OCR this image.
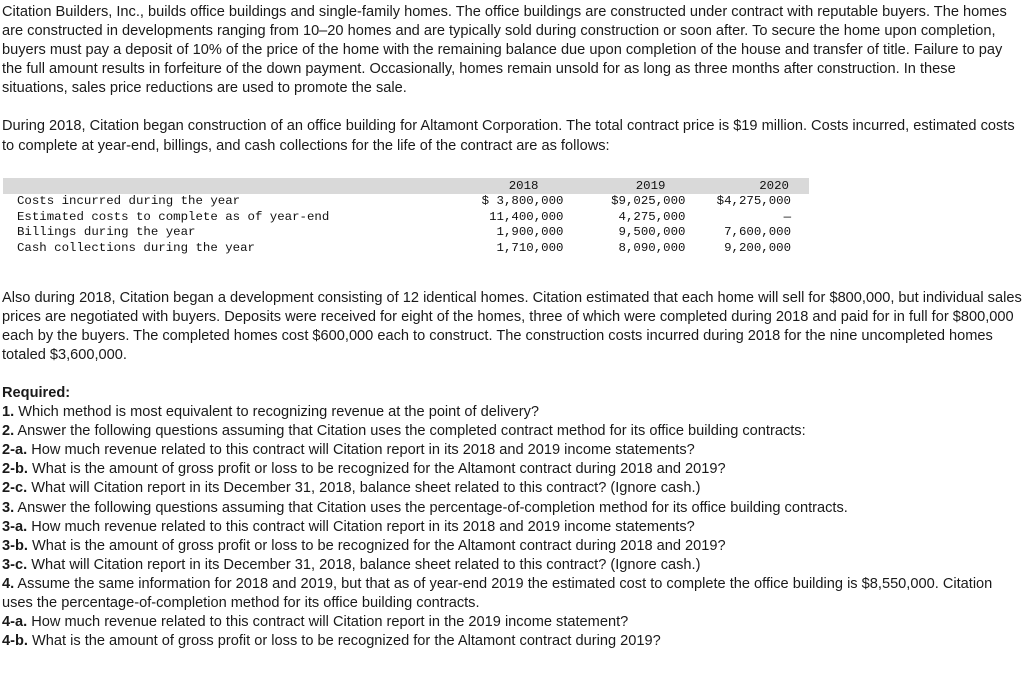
Citation Builders, Inc., builds office buildings and single-family homes. The office buildings are constructed under contract with reputable buyers. The homes are constructed in developments ranging from 10–20 homes and are typically sold during construction or soon after. To secure the home upon completion, buyers must pay a deposit of 10% of the price of the home with the remaining balance due upon completion of the house and transfer of title. Failure to pay the full amount results in forfeiture of the down payment. Occasionally, homes remain unsold for as long as three months after construction. In these situations, sales price reductions are used to promote the sale.

During 2018, Citation began construction of an office building for Altamont Corporation. The total contract price is $19 million. Costs incurred, estimated costs to complete at year-end, billings, and cash collections for the life of the contract are as follows:

	2018	2019	2020
Costs incurred during the year	$ 3,800,000	$9,025,000	$4,275,000
Estimated costs to complete as of year-end	11,400,000	4,275,000	—
Billings during the year	1,900,000	9,500,000	7,600,000
Cash collections during the year	1,710,000	8,090,000	9,200,000

Also during 2018, Citation began a development consisting of 12 identical homes. Citation estimated that each home will sell for $800,000, but individual sales prices are negotiated with buyers. Deposits were received for eight of the homes, three of which were completed during 2018 and paid for in full for $800,000 each by the buyers. The completed homes cost $600,000 each to construct. The construction costs incurred during 2018 for the nine uncompleted homes totaled $3,600,000.

Required:

1. Which method is most equivalent to recognizing revenue at the point of delivery?

2. Answer the following questions assuming that Citation uses the completed contract method for its office building contracts:

2-a. How much revenue related to this contract will Citation report in its 2018 and 2019 income statements?

2-b. What is the amount of gross profit or loss to be recognized for the Altamont contract during 2018 and 2019?

2-c. What will Citation report in its December 31, 2018, balance sheet related to this contract? (Ignore cash.)

3. Answer the following questions assuming that Citation uses the percentage-of-completion method for its office building contracts.

3-a. How much revenue related to this contract will Citation report in its 2018 and 2019 income statements?

3-b. What is the amount of gross profit or loss to be recognized for the Altamont contract during 2018 and 2019?

3-c. What will Citation report in its December 31, 2018, balance sheet related to this contract? (Ignore cash.)

4. Assume the same information for 2018 and 2019, but that as of year-end 2019 the estimated cost to complete the office building is $8,550,000. Citation uses the percentage-of-completion method for its office building contracts.

4-a. How much revenue related to this contract will Citation report in the 2019 income statement?

4-b. What is the amount of gross profit or loss to be recognized for the Altamont contract during 2019?
